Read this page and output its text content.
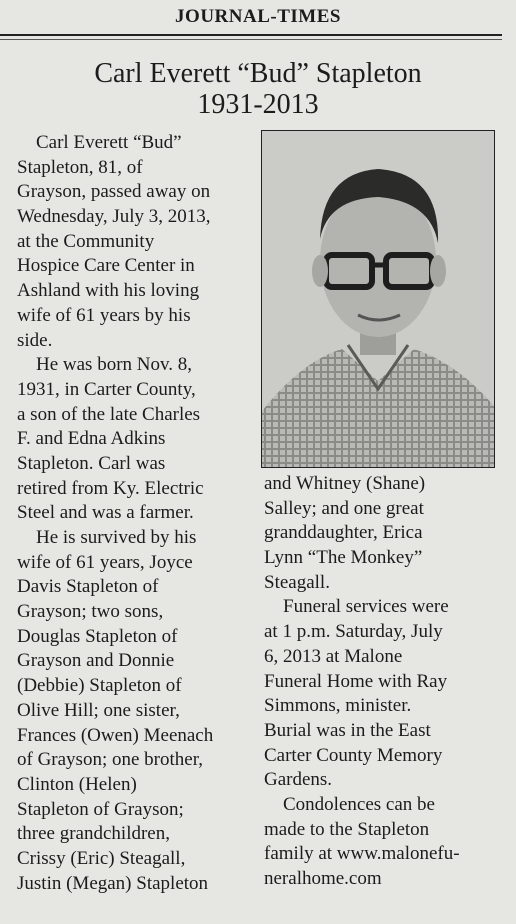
JOURNAL-TIMES
Carl Everett “Bud” Stapleton
1931-2013
Carl Everett “Bud”
Stapleton, 81, of
Grayson, passed away on
Wednesday, July 3, 2013,
at the Community
Hospice Care Center in
Ashland with his loving
wife of 61 years by his
side.
He was born Nov. 8,
1931, in Carter County,
a son of the late Charles
F. and Edna Adkins
Stapleton. Carl was
retired from Ky. Electric
Steel and was a farmer.
He is survived by his
wife of 61 years, Joyce
Davis Stapleton of
Grayson; two sons,
Douglas Stapleton of
Grayson and Donnie
(Debbie) Stapleton of
Olive Hill; one sister,
Frances (Owen) Meenach
of Grayson; one brother,
Clinton (Helen)
Stapleton of Grayson;
three grandchildren,
Crissy (Eric) Steagall,
Justin (Megan) Stapleton
and Whitney (Shane)
Salley; and one great
granddaughter, Erica
Lynn “The Monkey”
Steagall.
Funeral services were
at 1 p.m. Saturday, July
6, 2013 at Malone
Funeral Home with Ray
Simmons, minister.
Burial was in the East
Carter County Memory
Gardens.
Condolences can be
made to the Stapleton
family at www.malonefu-
neralhome.com
